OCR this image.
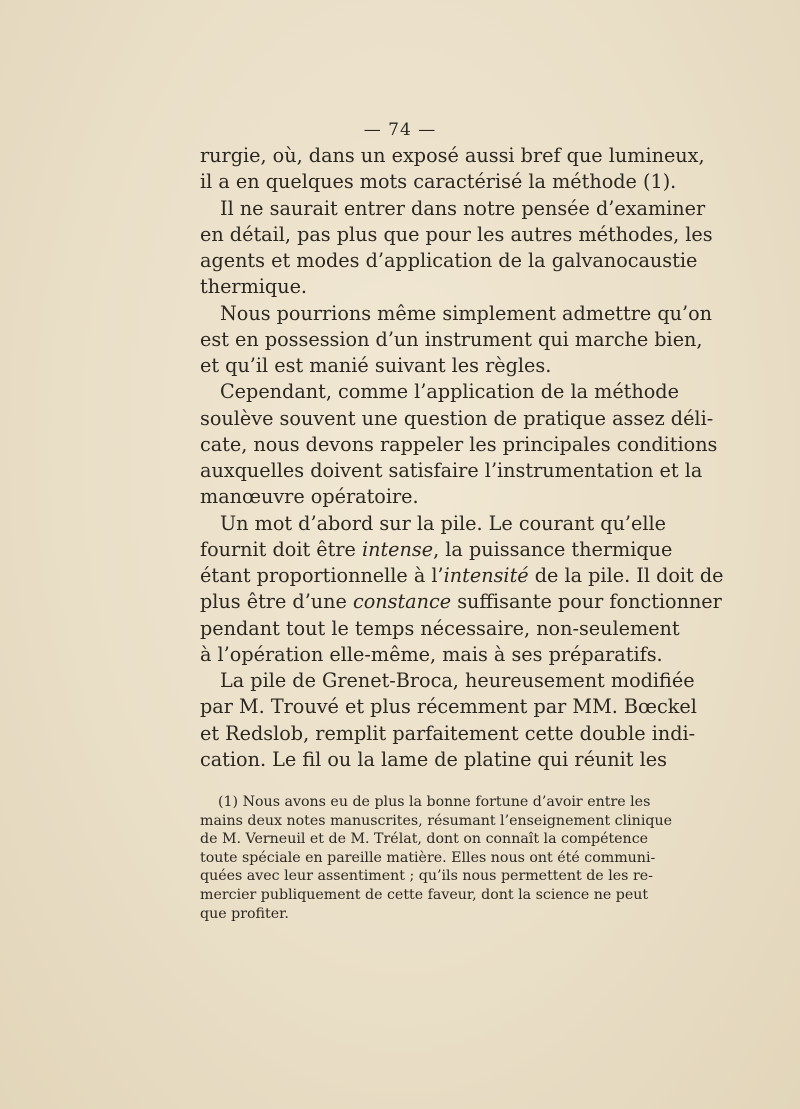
— 74 —
rurgie, où, dans un exposé aussi bref que lumineux,
il a en quelques mots caractérisé la méthode (1).
Il ne saurait entrer dans notre pensée d’examiner
en détail, pas plus que pour les autres méthodes, les
agents et modes d’application de la galvanocaustie
thermique.
Nous pourrions même simplement admettre qu’on
est en possession d’un instrument qui marche bien,
et qu’il est manié suivant les règles.
Cependant, comme l’application de la méthode
soulève souvent une question de pratique assez déli-
cate, nous devons rappeler les principales conditions
auxquelles doivent satisfaire l’instrumentation et la
manœuvre opératoire.
Un mot d’abord sur la pile. Le courant qu’elle
fournit doit être intense, la puissance thermique
étant proportionnelle à l’intensité de la pile. Il doit de
plus être d’une constance suffisante pour fonctionner
pendant tout le temps nécessaire, non-seulement
à l’opération elle-même, mais à ses préparatifs.
La pile de Grenet-Broca, heureusement modifiée
par M. Trouvé et plus récemment par MM. Bœckel
et Redslob, remplit parfaitement cette double indi-
cation. Le fil ou la lame de platine qui réunit les
(1) Nous avons eu de plus la bonne fortune d’avoir entre les
mains deux notes manuscrites, résumant l’enseignement clinique
de M. Verneuil et de M. Trélat, dont on connaît la compétence
toute spéciale en pareille matière. Elles nous ont été communi-
quées avec leur assentiment ; qu’ils nous permettent de les re-
mercier publiquement de cette faveur, dont la science ne peut
que profiter.
